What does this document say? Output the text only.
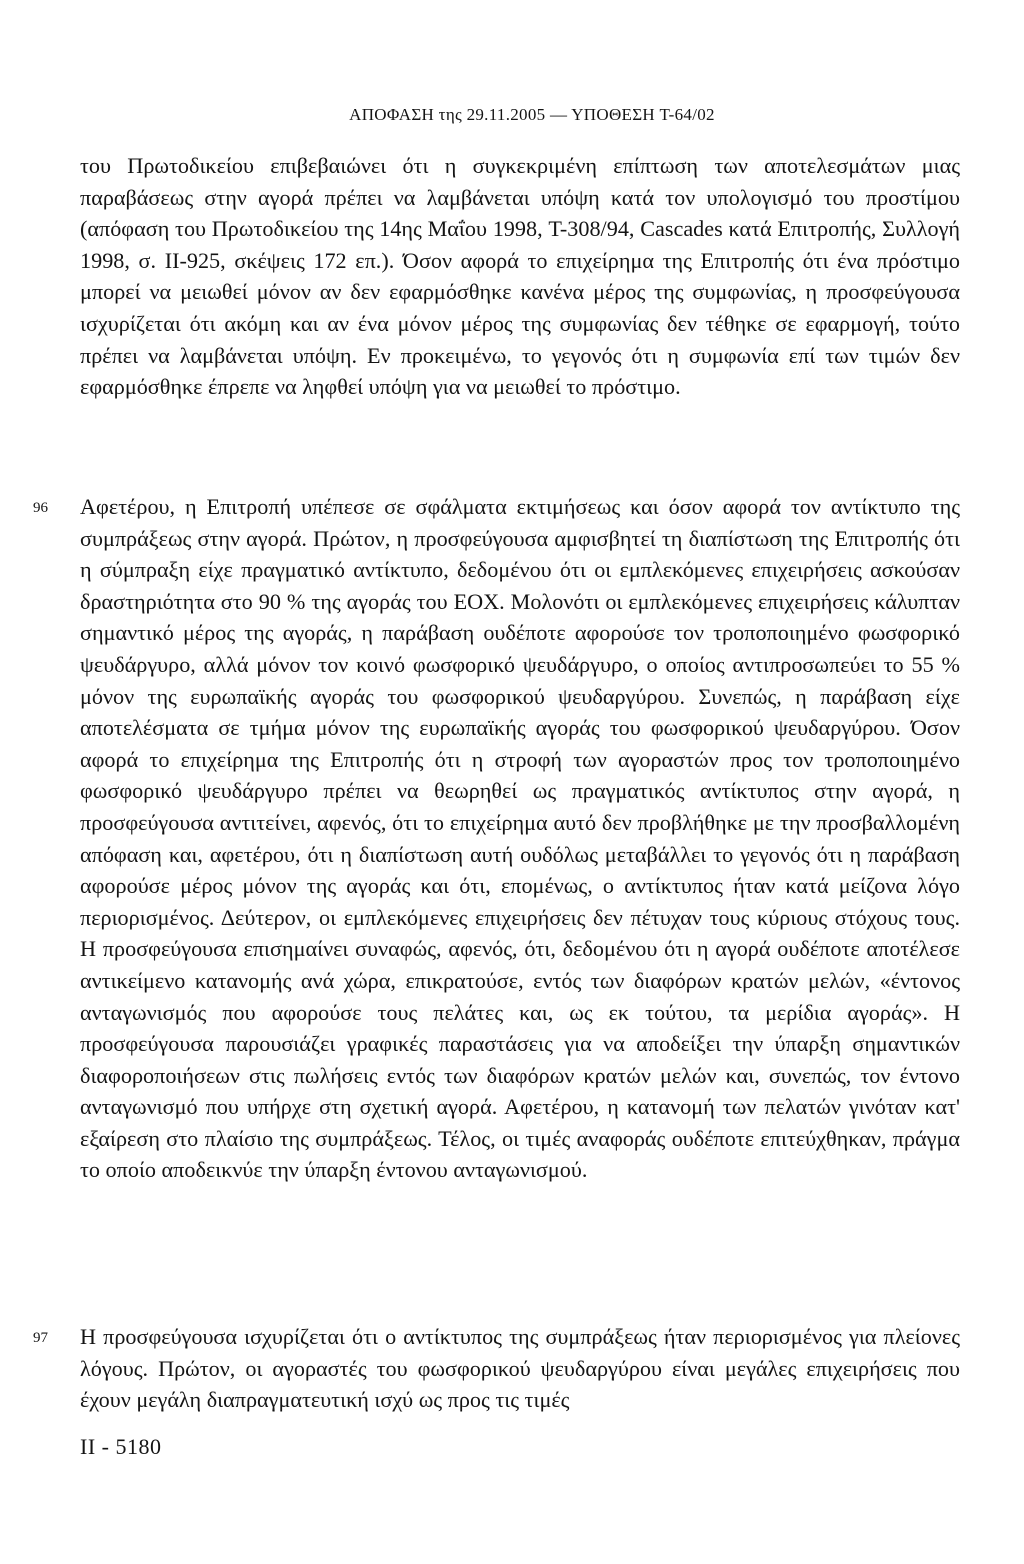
ΑΠΟΦΑΣΗ της 29.11.2005 — ΥΠΟΘΕΣΗ T-64/02

του Πρωτοδικείου επιβεβαιώνει ότι η συγκεκριμένη επίπτωση των αποτελεσμάτων μιας παραβάσεως στην αγορά πρέπει να λαμβάνεται υπόψη κατά τον υπολογισμό του προστίμου (απόφαση του Πρωτοδικείου της 14ης Μαΐου 1998, T-308/94, Cascades κατά Επιτροπής, Συλλογή 1998, σ. II-925, σκέψεις 172 επ.). Όσον αφορά το επιχείρημα της Επιτροπής ότι ένα πρόστιμο μπορεί να μειωθεί μόνον αν δεν εφαρμόσθηκε κανένα μέρος της συμφωνίας, η προσφεύγουσα ισχυρίζεται ότι ακόμη και αν ένα μόνον μέρος της συμφωνίας δεν τέθηκε σε εφαρμογή, τούτο πρέπει να λαμβάνεται υπόψη. Εν προκειμένω, το γεγονός ότι η συμφωνία επί των τιμών δεν εφαρμόσθηκε έπρεπε να ληφθεί υπόψη για να μειωθεί το πρόστιμο.

96 Αφετέρου, η Επιτροπή υπέπεσε σε σφάλματα εκτιμήσεως και όσον αφορά τον αντίκτυπο της συμπράξεως στην αγορά. Πρώτον, η προσφεύγουσα αμφισβητεί τη διαπίστωση της Επιτροπής ότι η σύμπραξη είχε πραγματικό αντίκτυπο, δεδομένου ότι οι εμπλεκόμενες επιχειρήσεις ασκούσαν δραστηριότητα στο 90 % της αγοράς του ΕΟΧ. Μολονότι οι εμπλεκόμενες επιχειρήσεις κάλυπταν σημαντικό μέρος της αγοράς, η παράβαση ουδέποτε αφορούσε τον τροποποιημένο φωσφορικό ψευδάργυρο, αλλά μόνον τον κοινό φωσφορικό ψευδάργυρο, ο οποίος αντιπροσωπεύει το 55 % μόνον της ευρωπαϊκής αγοράς του φωσφορικού ψευδαργύρου. Συνεπώς, η παράβαση είχε αποτελέσματα σε τμήμα μόνον της ευρωπαϊκής αγοράς του φωσφορικού ψευδαργύρου. Όσον αφορά το επιχείρημα της Επιτροπής ότι η στροφή των αγοραστών προς τον τροποποιημένο φωσφορικό ψευδάργυρο πρέπει να θεωρηθεί ως πραγματικός αντίκτυπος στην αγορά, η προσφεύγουσα αντιτείνει, αφενός, ότι το επιχείρημα αυτό δεν προβλήθηκε με την προσβαλλομένη απόφαση και, αφετέρου, ότι η διαπίστωση αυτή ουδόλως μεταβάλλει το γεγονός ότι η παράβαση αφορούσε μέρος μόνον της αγοράς και ότι, επομένως, ο αντίκτυπος ήταν κατά μείζονα λόγο περιορισμένος. Δεύτερον, οι εμπλεκόμενες επιχειρήσεις δεν πέτυχαν τους κύριους στόχους τους. Η προσφεύγουσα επισημαίνει συναφώς, αφενός, ότι, δεδομένου ότι η αγορά ουδέποτε αποτέλεσε αντικείμενο κατανομής ανά χώρα, επικρατούσε, εντός των διαφόρων κρατών μελών, «έντονος ανταγωνισμός που αφορούσε τους πελάτες και, ως εκ τούτου, τα μερίδια αγοράς». Η προσφεύγουσα παρουσιάζει γραφικές παραστάσεις για να αποδείξει την ύπαρξη σημαντικών διαφοροποιήσεων στις πωλήσεις εντός των διαφόρων κρατών μελών και, συνεπώς, τον έντονο ανταγωνισμό που υπήρχε στη σχετική αγορά. Αφετέρου, η κατανομή των πελατών γινόταν κατ' εξαίρεση στο πλαίσιο της συμπράξεως. Τέλος, οι τιμές αναφοράς ουδέποτε επιτεύχθηκαν, πράγμα το οποίο αποδεικνύε την ύπαρξη έντονου ανταγωνισμού.

97 Η προσφεύγουσα ισχυρίζεται ότι ο αντίκτυπος της συμπράξεως ήταν περιορισμένος για πλείονες λόγους. Πρώτον, οι αγοραστές του φωσφορικού ψευδαργύρου είναι μεγάλες επιχειρήσεις που έχουν μεγάλη διαπραγματευτική ισχύ ως προς τις τιμές

II - 5180
